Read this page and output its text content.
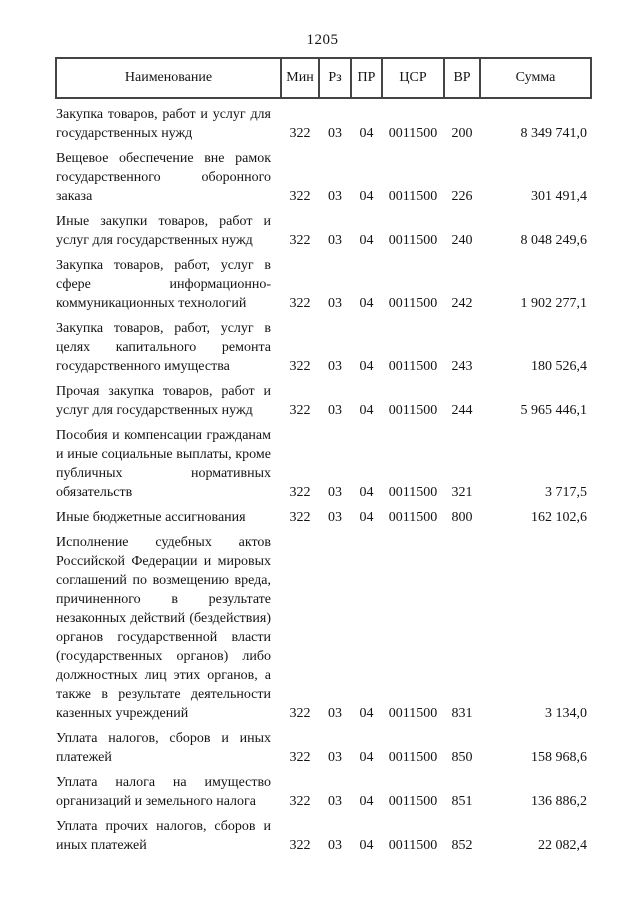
1205
Наименование	Мин	Рз	ПР	ЦСР	ВР	Сумма
Закупка товаров, работ и услуг для государственных нужд	322	03	04	0011500	200	8 349 741,0
Вещевое обеспечение вне рамок государственного оборонного заказа	322	03	04	0011500	226	301 491,4
Иные закупки товаров, работ и услуг для государственных нужд	322	03	04	0011500	240	8 048 249,6
Закупка товаров, работ, услуг в сфере информационно-коммуникационных технологий	322	03	04	0011500	242	1 902 277,1
Закупка товаров, работ, услуг в целях капитального ремонта государственного имущества	322	03	04	0011500	243	180 526,4
Прочая закупка товаров, работ и услуг для государственных нужд	322	03	04	0011500	244	5 965 446,1
Пособия и компенсации гражданам и иные социальные выплаты, кроме публичных нормативных обязательств	322	03	04	0011500	321	3 717,5
Иные бюджетные ассигнования	322	03	04	0011500	800	162 102,6
Исполнение судебных актов Российской Федерации и мировых соглашений по возмещению вреда, причиненного в результате незаконных действий (бездействия) органов государственной власти (государственных органов) либо должностных лиц этих органов, а также в результате деятельности казенных учреждений	322	03	04	0011500	831	3 134,0
Уплата налогов, сборов и иных платежей	322	03	04	0011500	850	158 968,6
Уплата налога на имущество организаций и земельного налога	322	03	04	0011500	851	136 886,2
Уплата прочих налогов, сборов и иных платежей	322	03	04	0011500	852	22 082,4
